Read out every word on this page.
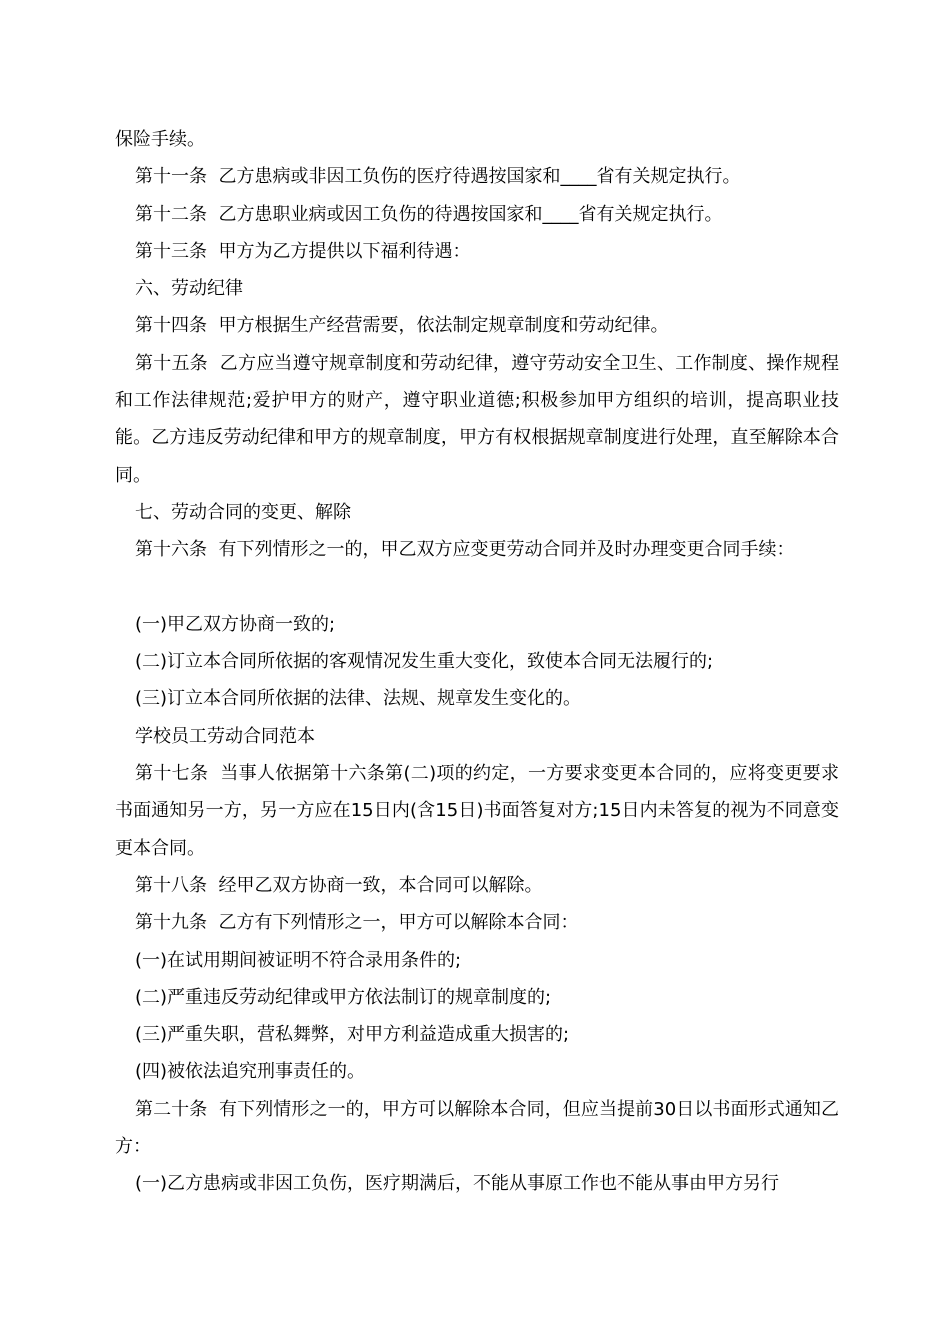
保险手续。

第十一条  乙方患病或非因工负伤的医疗待遇按国家和____省有关规定执行。

第十二条  乙方患职业病或因工负伤的待遇按国家和____省有关规定执行。

第十三条  甲方为乙方提供以下福利待遇：

六、劳动纪律

第十四条  甲方根据生产经营需要，依法制定规章制度和劳动纪律。

第十五条  乙方应当遵守规章制度和劳动纪律，遵守劳动安全卫生、工作制度、操作规程和工作法律规范;爱护甲方的财产，遵守职业道德;积极参加甲方组织的培训，提高职业技能。乙方违反劳动纪律和甲方的规章制度，甲方有权根据规章制度进行处理，直至解除本合同。

七、劳动合同的变更、解除

第十六条  有下列情形之一的，甲乙双方应变更劳动合同并及时办理变更合同手续：

(一)甲乙双方协商一致的;

(二)订立本合同所依据的客观情况发生重大变化，致使本合同无法履行的;

(三)订立本合同所依据的法律、法规、规章发生变化的。

学校员工劳动合同范本

第十七条  当事人依据第十六条第(二)项的约定，一方要求变更本合同的，应将变更要求书面通知另一方，另一方应在15日内(含15日)书面答复对方;15日内未答复的视为不同意变更本合同。

第十八条  经甲乙双方协商一致，本合同可以解除。

第十九条  乙方有下列情形之一，甲方可以解除本合同：

(一)在试用期间被证明不符合录用条件的;

(二)严重违反劳动纪律或甲方依法制订的规章制度的;

(三)严重失职，营私舞弊，对甲方利益造成重大损害的;

(四)被依法追究刑事责任的。

第二十条  有下列情形之一的，甲方可以解除本合同，但应当提前30日以书面形式通知乙方：

(一)乙方患病或非因工负伤，医疗期满后，不能从事原工作也不能从事由甲方另行
